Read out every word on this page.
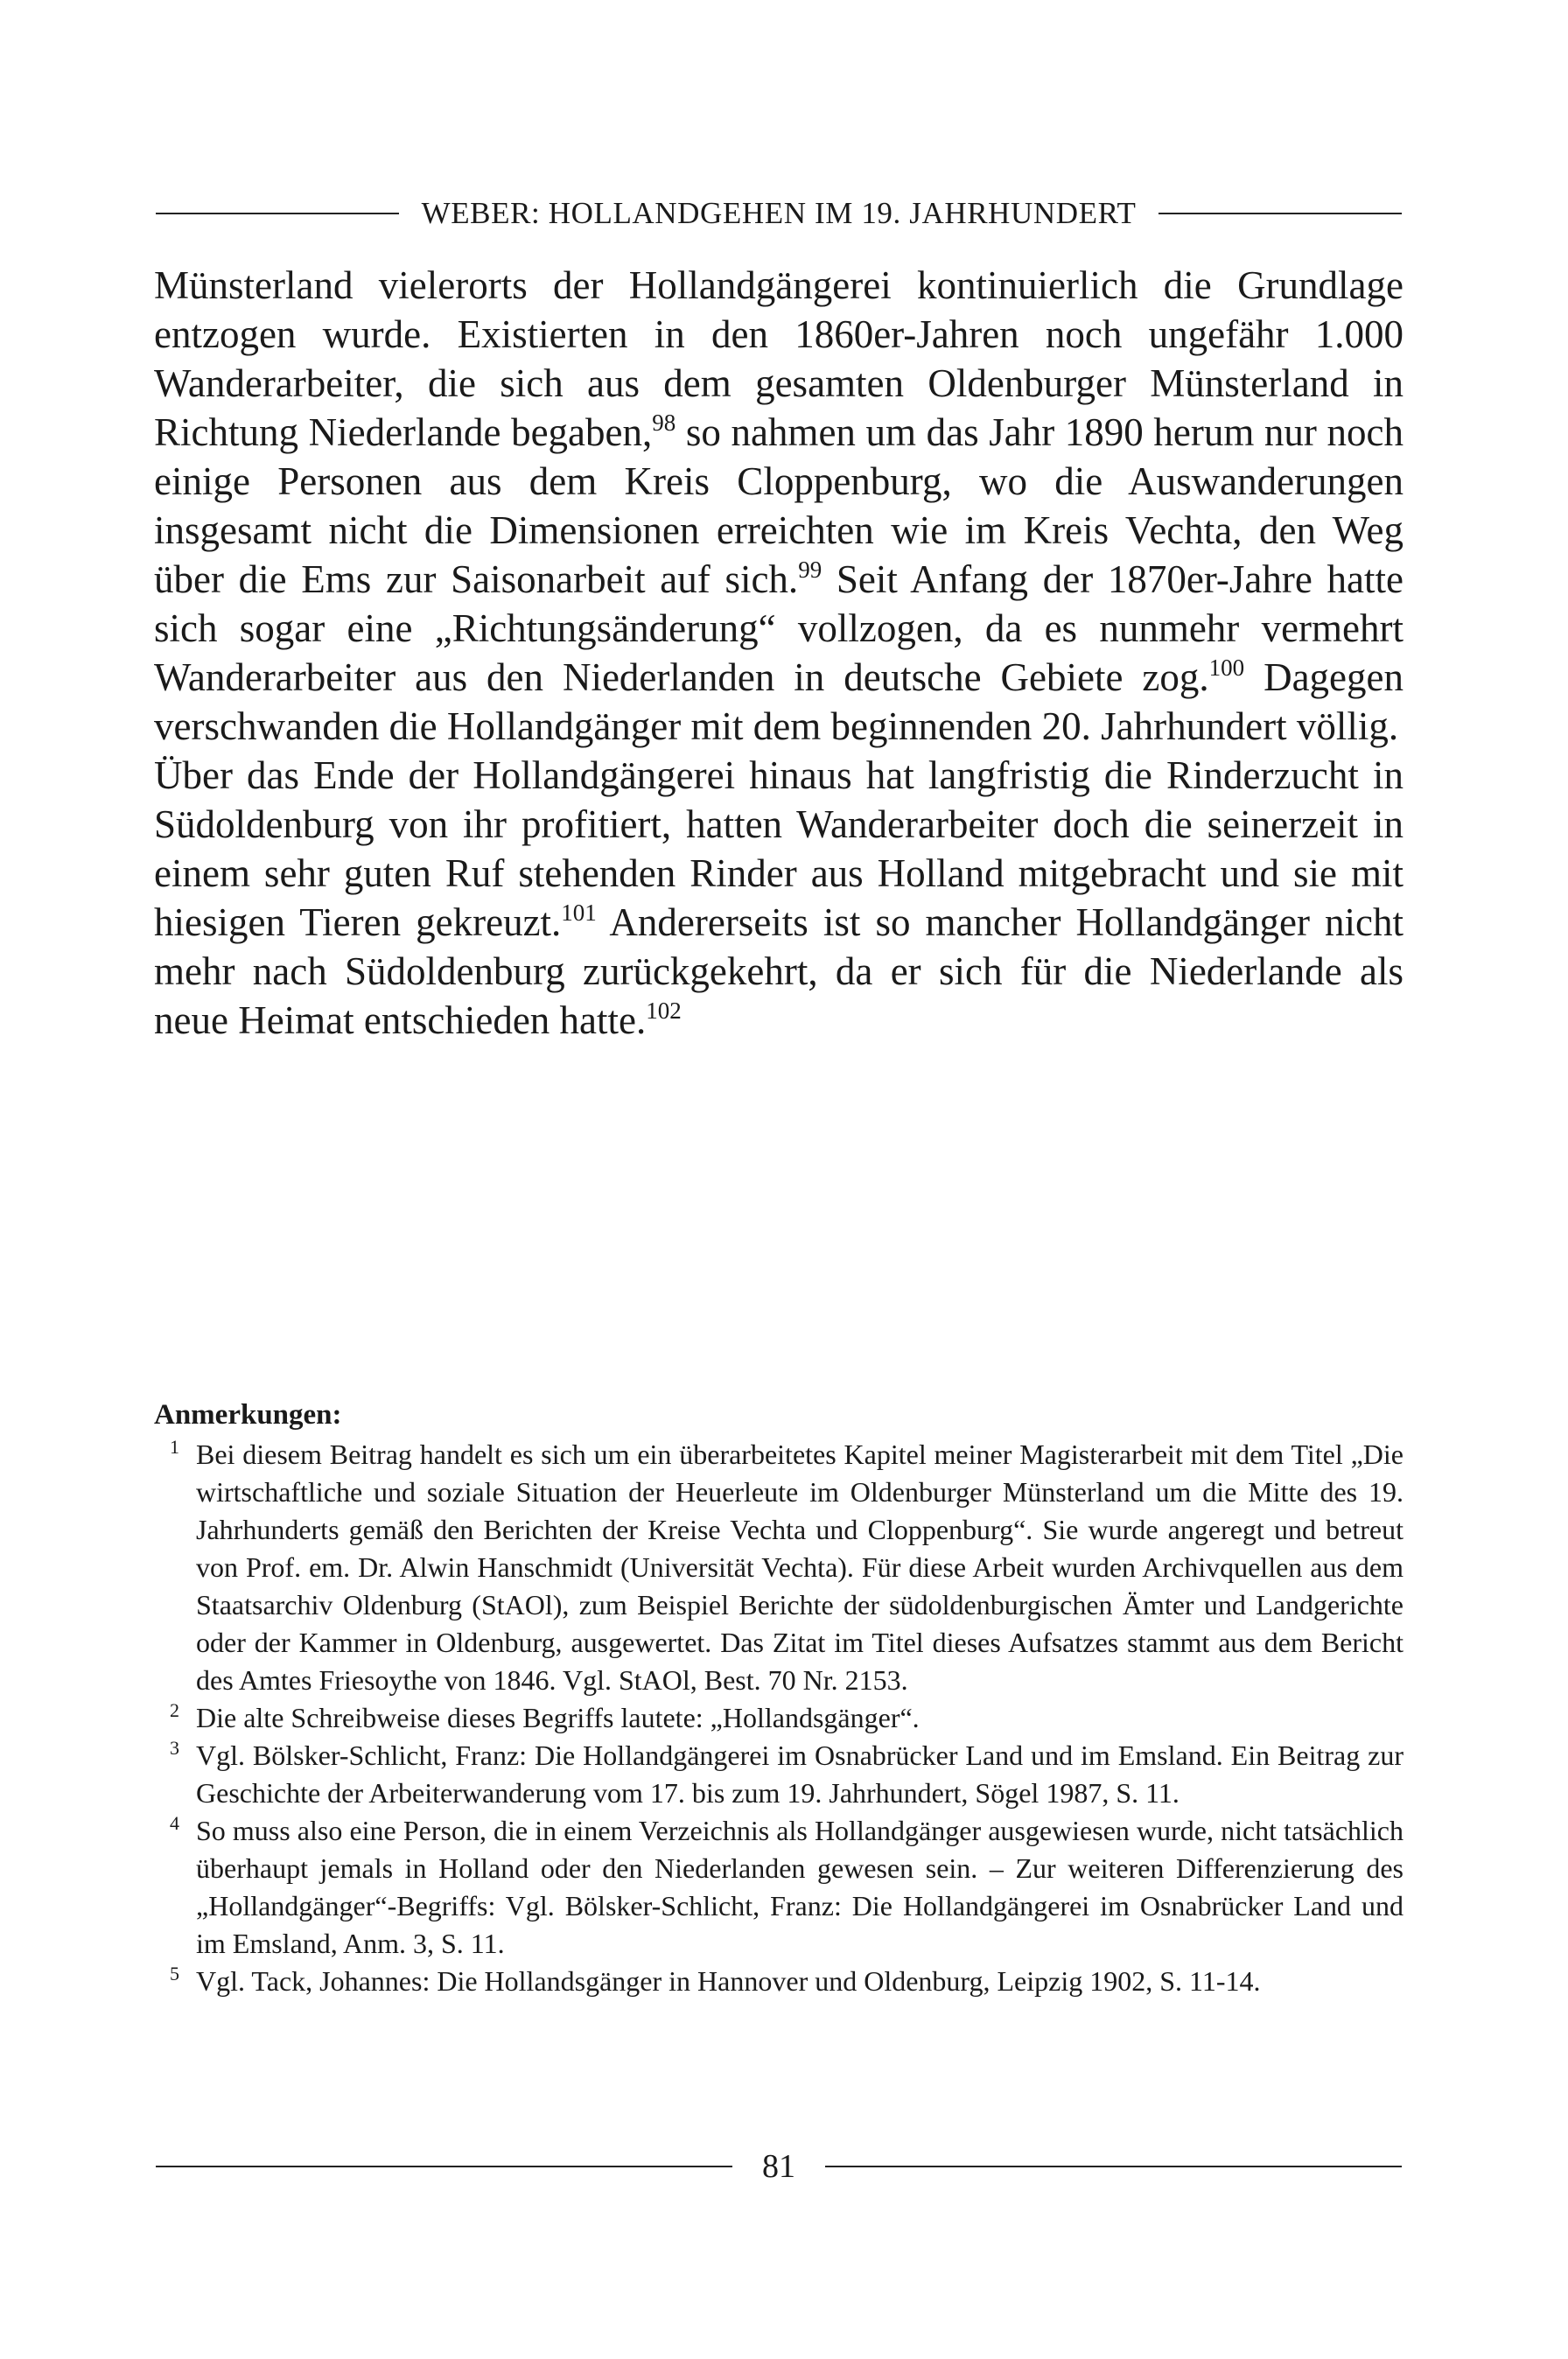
WEBER: HOLLANDGEHEN IM 19. JAHRHUNDERT

Münsterland vielerorts der Hollandgängerei kontinuierlich die Grundlage entzogen wurde. Existierten in den 1860er-Jahren noch ungefähr 1.000 Wanderarbeiter, die sich aus dem gesamten Oldenburger Münsterland in Richtung Niederlande begaben,$^{98}$ so nahmen um das Jahr 1890 herum nur noch einige Personen aus dem Kreis Cloppenburg, wo die Auswanderungen insgesamt nicht die Dimensionen erreichten wie im Kreis Vechta, den Weg über die Ems zur Saisonarbeit auf sich.$^{99}$ Seit Anfang der 1870er-Jahre hatte sich sogar eine „Richtungsänderung“ vollzogen, da es nunmehr vermehrt Wanderarbeiter aus den Niederlanden in deutsche Gebiete zog.$^{100}$ Dagegen verschwanden die Hollandgänger mit dem beginnenden 20. Jahrhundert völlig.

Über das Ende der Hollandgängerei hinaus hat langfristig die Rinderzucht in Südoldenburg von ihr profitiert, hatten Wanderarbeiter doch die seinerzeit in einem sehr guten Ruf stehenden Rinder aus Holland mitgebracht und sie mit hiesigen Tieren gekreuzt.$^{101}$ Andererseits ist so mancher Hollandgänger nicht mehr nach Südoldenburg zurückgekehrt, da er sich für die Niederlande als neue Heimat entschieden hatte.$^{102}$

Anmerkungen:
1 Bei diesem Beitrag handelt es sich um ein überarbeitetes Kapitel meiner Magisterarbeit mit dem Titel „Die wirtschaftliche und soziale Situation der Heuerleute im Oldenburger Münsterland um die Mitte des 19. Jahrhunderts gemäß den Berichten der Kreise Vechta und Cloppenburg“. Sie wurde angeregt und betreut von Prof. em. Dr. Alwin Hanschmidt (Universität Vechta). Für diese Arbeit wurden Archivquellen aus dem Staatsarchiv Oldenburg (StAOl), zum Beispiel Berichte der südoldenburgischen Ämter und Landgerichte oder der Kammer in Oldenburg, ausgewertet. Das Zitat im Titel dieses Aufsatzes stammt aus dem Bericht des Amtes Friesoythe von 1846. Vgl. StAOl, Best. 70 Nr. 2153.
2 Die alte Schreibweise dieses Begriffs lautete: „Hollandsgänger“.
3 Vgl. Bölsker-Schlicht, Franz: Die Hollandgängerei im Osnabrücker Land und im Emsland. Ein Beitrag zur Geschichte der Arbeiterwanderung vom 17. bis zum 19. Jahrhundert, Sögel 1987, S. 11.
4 So muss also eine Person, die in einem Verzeichnis als Hollandgänger ausgewiesen wurde, nicht tatsächlich überhaupt jemals in Holland oder den Niederlanden gewesen sein. – Zur weiteren Differenzierung des „Hollandgänger“-Begriffs: Vgl. Bölsker-Schlicht, Franz: Die Hollandgängerei im Osnabrücker Land und im Emsland, Anm. 3, S. 11.
5 Vgl. Tack, Johannes: Die Hollandsgänger in Hannover und Oldenburg, Leipzig 1902, S. 11-14.
81
